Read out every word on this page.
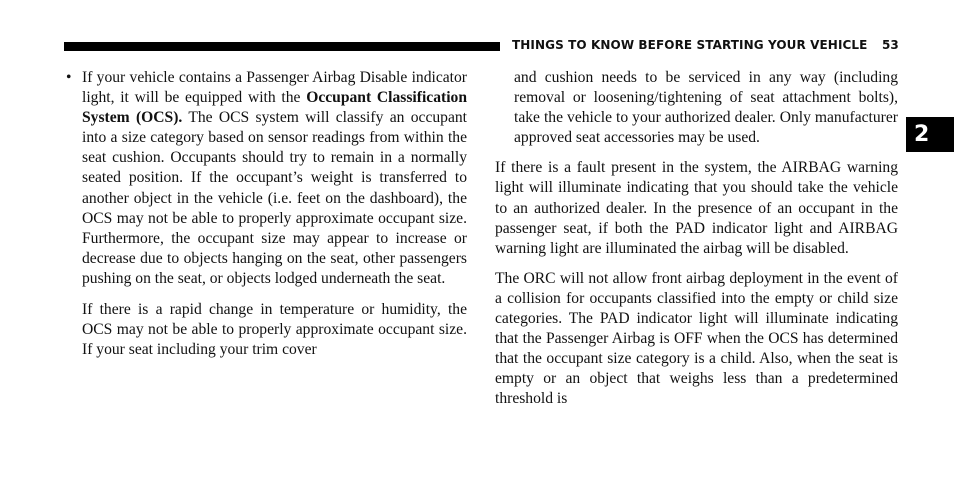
THINGS TO KNOW BEFORE STARTING YOUR VEHICLE 53
2

• If your vehicle contains a Passenger Airbag Disable indicator light, it will be equipped with the Occupant Classification System (OCS). The OCS system will classify an occupant into a size category based on sensor readings from within the seat cushion. Occupants should try to remain in a normally seated position. If the occupant’s weight is transferred to another object in the vehicle (i.e. feet on the dashboard), the OCS may not be able to properly approximate occupant size. Furthermore, the occupant size may appear to increase or decrease due to objects hanging on the seat, other passengers pushing on the seat, or objects lodged underneath the seat.

If there is a rapid change in temperature or humidity, the OCS may not be able to properly approximate occupant size. If your seat including your trim cover

and cushion needs to be serviced in any way (including removal or loosening/tightening of seat attachment bolts), take the vehicle to your authorized dealer. Only manufacturer approved seat accessories may be used.

If there is a fault present in the system, the AIRBAG warning light will illuminate indicating that you should take the vehicle to an authorized dealer. In the presence of an occupant in the passenger seat, if both the PAD indicator light and AIRBAG warning light are illuminated the airbag will be disabled.

The ORC will not allow front airbag deployment in the event of a collision for occupants classified into the empty or child size categories. The PAD indicator light will illuminate indicating that the Passenger Airbag is OFF when the OCS has determined that the occupant size category is a child. Also, when the seat is empty or an object that weighs less than a predetermined threshold is
